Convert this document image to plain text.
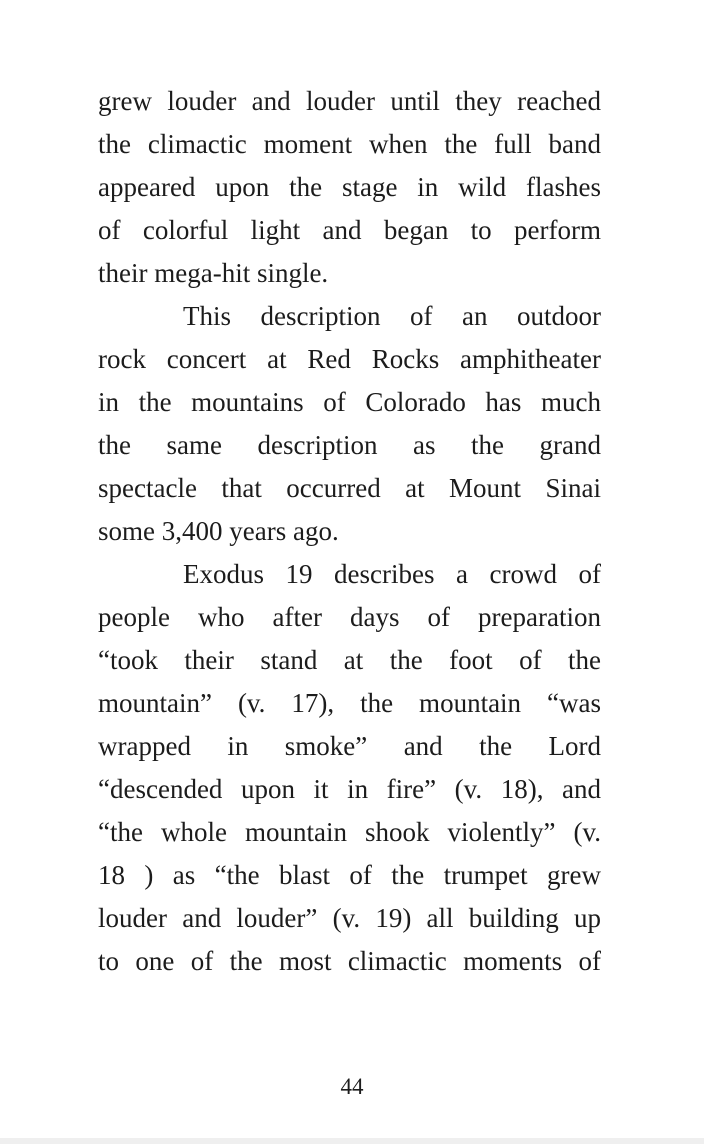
grew louder and louder until they reached
the climactic moment when the full band
appeared upon the stage in wild flashes
of colorful light and began to perform
their mega-hit single.
This description of an outdoor
rock concert at Red Rocks amphitheater
in the mountains of Colorado has much
the same description as the grand
spectacle that occurred at Mount Sinai
some 3,400 years ago.
Exodus 19 describes a crowd of
people who after days of preparation
“took their stand at the foot of the
mountain” (v. 17), the mountain “was
wrapped in smoke” and the Lord
“descended upon it in fire” (v. 18), and
“the whole mountain shook violently” (v.
18 ) as “the blast of the trumpet grew
louder and louder” (v. 19) all building up
to one of the most climactic moments of
44
